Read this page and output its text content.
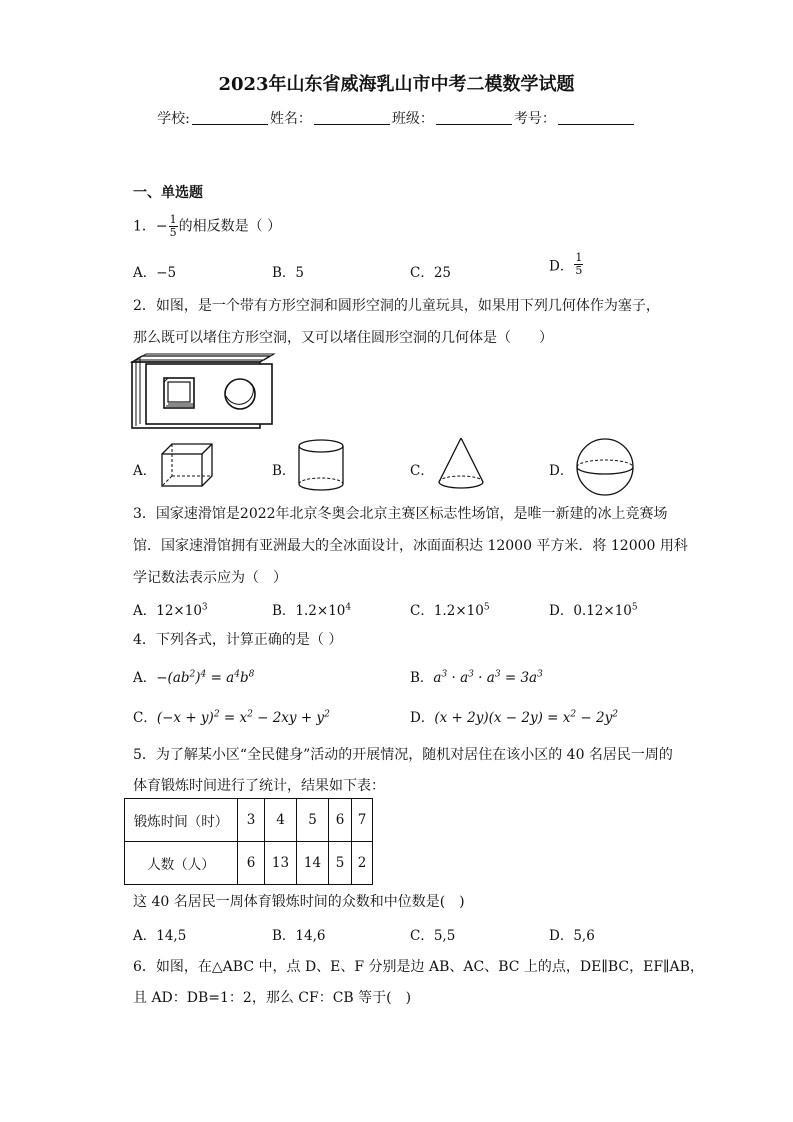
2023年山东省威海乳山市中考二模数学试题
学校:	姓名：	班级：	考号：
一、单选题
1．− $\frac{1}{5}$ 的相反数是（ ）
A．−5	B．5	C．25	D． $\frac{1}{5}$
2．如图，是一个带有方形空洞和圆形空洞的儿童玩具，如果用下列几何体作为塞子，
那么既可以堵住方形空洞，又可以堵住圆形空洞的几何体是（　　）
A．	B．	C．	D．
3．国家速滑馆是2022年北京冬奥会北京主赛区标志性场馆，是唯一新建的冰上竞赛场
馆．国家速滑馆拥有亚洲最大的全冰面设计，冰面面积达 12000 平方米．将 12000 用科
学记数法表示应为（　）
A．$12\times 10^3$	B．$1.2\times 10^4$	C．$1.2\times 10^5$	D．$0.12\times 10^5$
4．下列各式，计算正确的是（ ）
A．$-(ab^2)^4 = a^4b^8$	B．$a^3 \cdot a^3 \cdot a^3 = 3a^3$
C．$(-x + y)^2 = x^2 - 2xy + y^2$	D．$(x + 2y)(x - 2y) = x^2 - 2y^2$
5．为了解某小区“全民健身”活动的开展情况，随机对居住在该小区的 40 名居民一周的
体育锻炼时间进行了统计，结果如下表：
锻炼时间（时）	3	4	5	6	7
人数（人）	6	13	14	5	2
这 40 名居民一周体育锻炼时间的众数和中位数是(　)
A．14,5	B．14,6	C．5,5	D．5,6
6．如图，在△ABC 中，点 D、E、F 分别是边 AB、AC、BC 上的点，DE∥BC，EF∥AB，
且 AD：DB=1：2，那么 CF：CB 等于(　)
